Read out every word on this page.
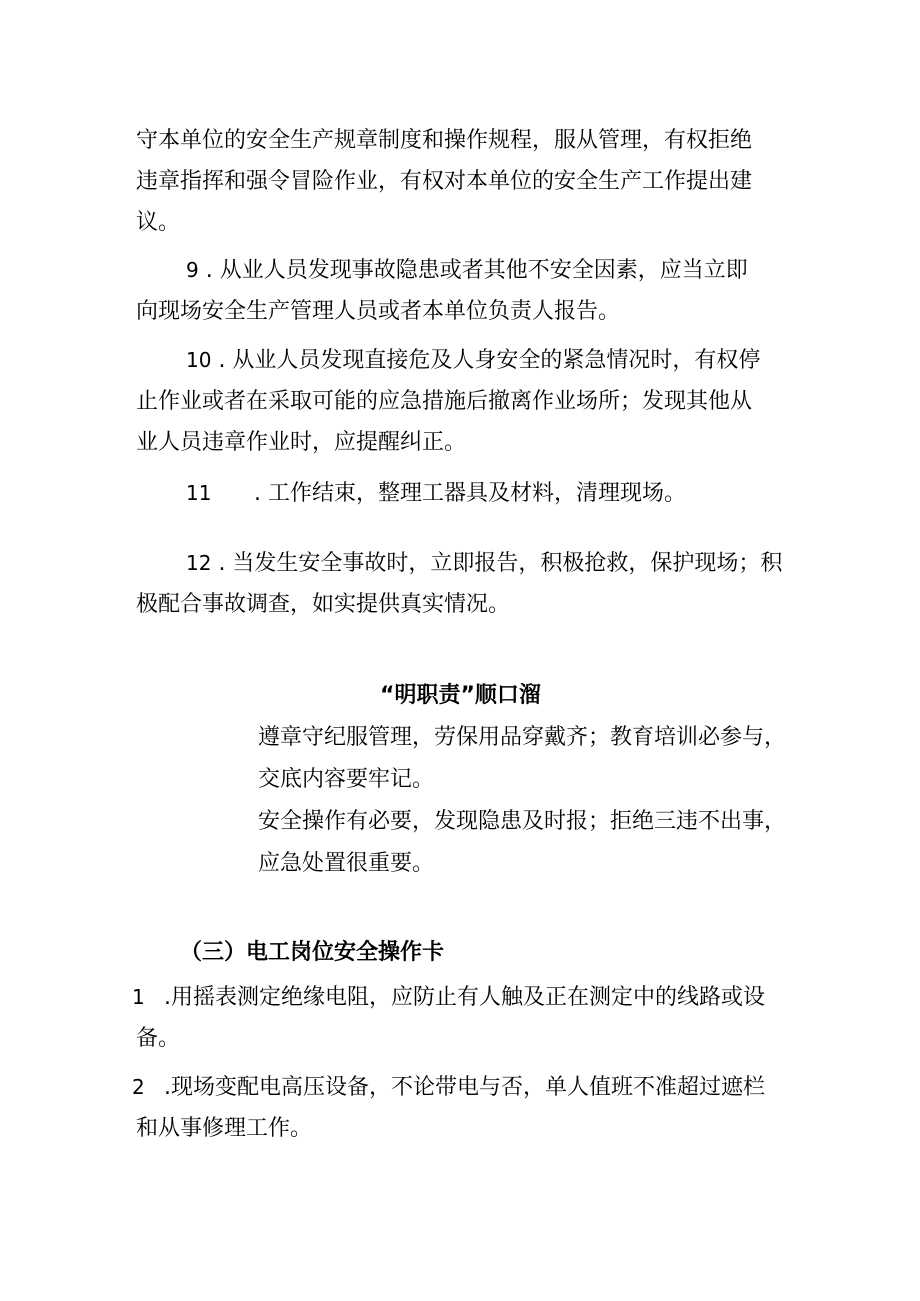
守本单位的安全生产规章制度和操作规程，服从管理，有权拒绝
违章指挥和强令冒险作业，有权对本单位的安全生产工作提出建
议。

9 . 从业人员发现事故隐患或者其他不安全因素，应当立即
向现场安全生产管理人员或者本单位负责人报告。

10 . 从业人员发现直接危及人身安全的紧急情况时，有权停
止作业或者在采取可能的应急措施后撤离作业场所；发现其他从
业人员违章作业时，应提醒纠正。

11 . 工作结束，整理工器具及材料，清理现场。

12 . 当发生安全事故时，立即报告，积极抢救，保护现场；积
极配合事故调查，如实提供真实情况。

“明职责”顺口溜
遵章守纪服管理，劳保用品穿戴齐；教育培训必参与，
交底内容要牢记。
安全操作有必要，发现隐患及时报；拒绝三违不出事，
应急处置很重要。
（三）电工岗位安全操作卡
1 .用摇表测定绝缘电阻，应防止有人触及正在测定中的线路或设
备。
2 .现场变配电高压设备，不论带电与否，单人值班不准超过遮栏
和从事修理工作。
